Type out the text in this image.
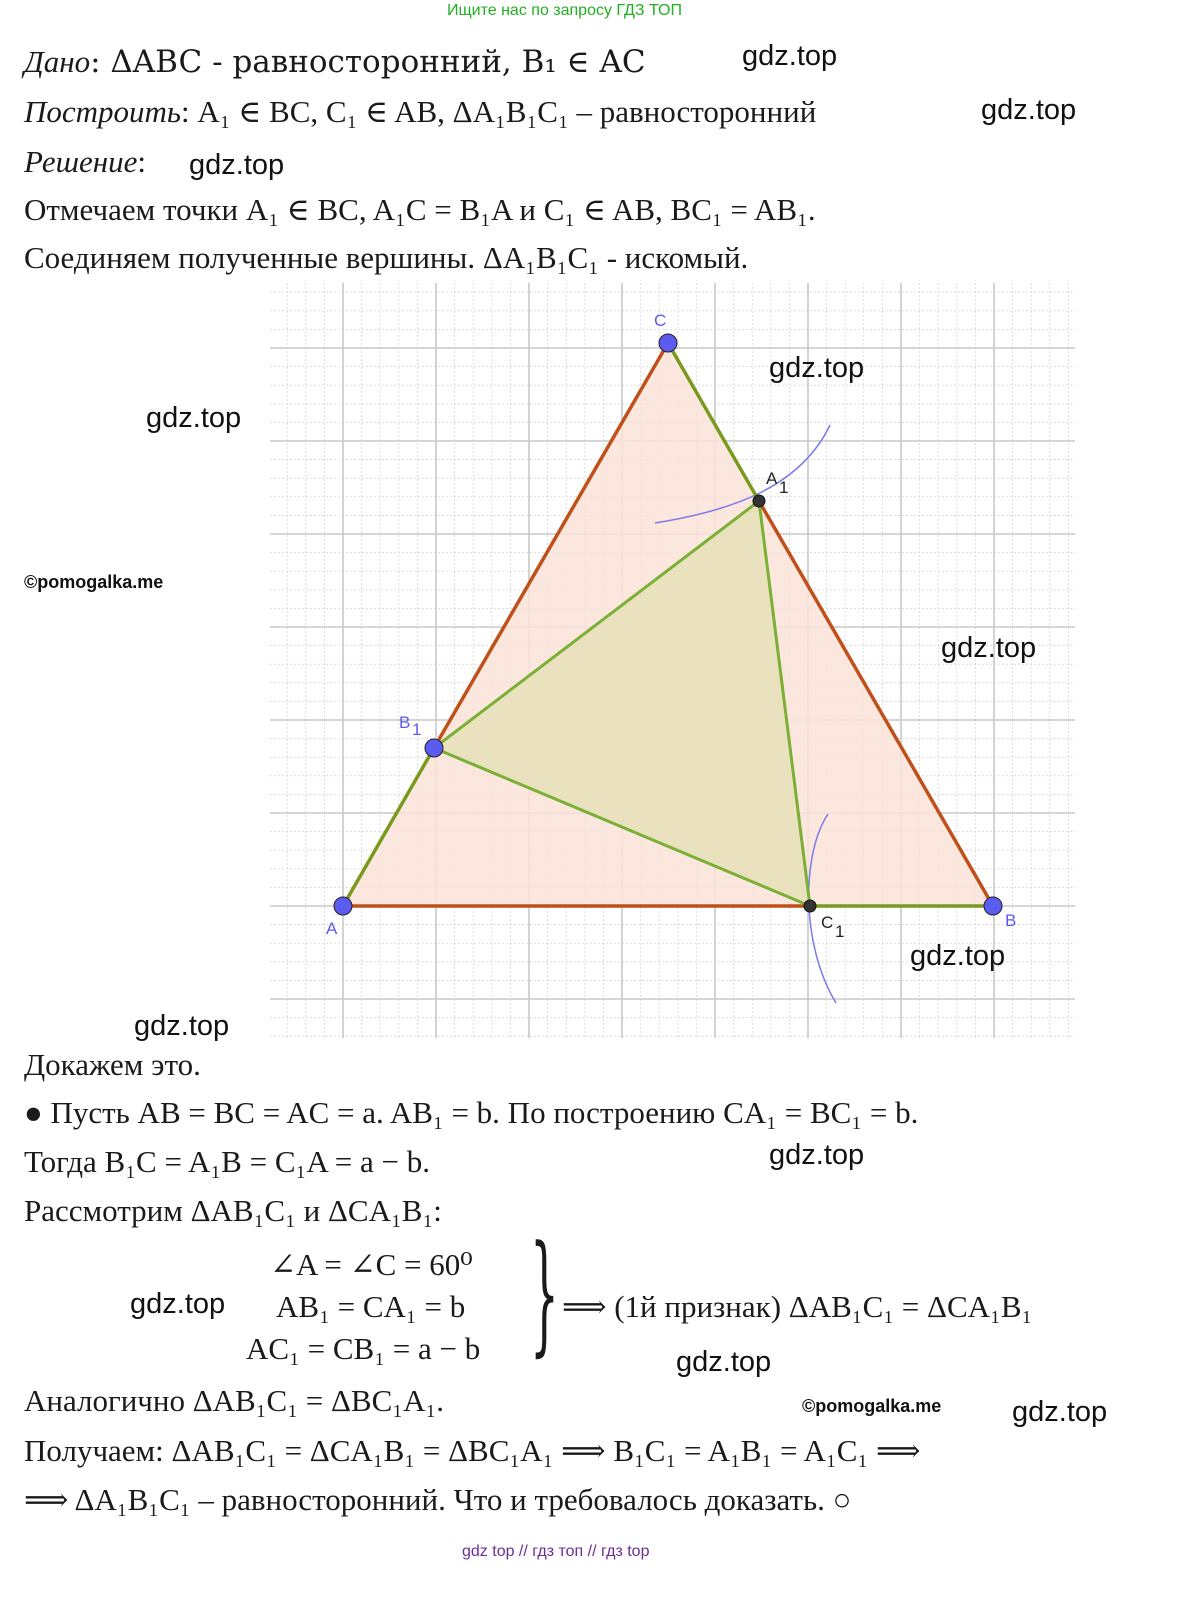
Ищите нас по запросу ГДЗ ТОП
Дано: ΔABC - равносторонний, B₁ ∈ AC
Построить: A₁ ∈ BC, C₁ ∈ AB, ΔA₁B₁C₁ – равносторонний
Решение:
Отмечаем точки A₁ ∈ BC, A₁C = B₁A и C₁ ∈ AB, BC₁ = AB₁.
Соединяем полученные вершины. ΔA₁B₁C₁ - искомый.
A	B
C
B 1
A 1
C 1
Докажем это.
● Пусть AB = BC = AC = a. AB₁ = b. По построению CA₁ = BC₁ = b.
Тогда B₁C = A₁B = C₁A = a − b.
Рассмотрим ΔAB₁C₁ и ΔCA₁B₁:
∠A = ∠C = 60⁰
AB₁ = CA₁ = b
AC₁ = CB₁ = a − b } ⟹ (1й признак) ΔAB₁C₁ = ΔCA₁B₁
Аналогично ΔAB₁C₁ = ΔBC₁A₁.
Получаем: ΔAB₁C₁ = ΔCA₁B₁ = ΔBC₁A₁ ⟹ B₁C₁ = A₁B₁ = A₁C₁ ⟹
⟹ ΔA₁B₁C₁ – равносторонний. Что и требовалось доказать. ○
gdz.top
gdz.top
gdz.top
gdz.top
gdz.top
©pomogalka.me
gdz.top
gdz.top
gdz.top
gdz.top
gdz.top
gdz.top
©pomogalka.me gdz.top
gdz top // гдз топ // гдз top
